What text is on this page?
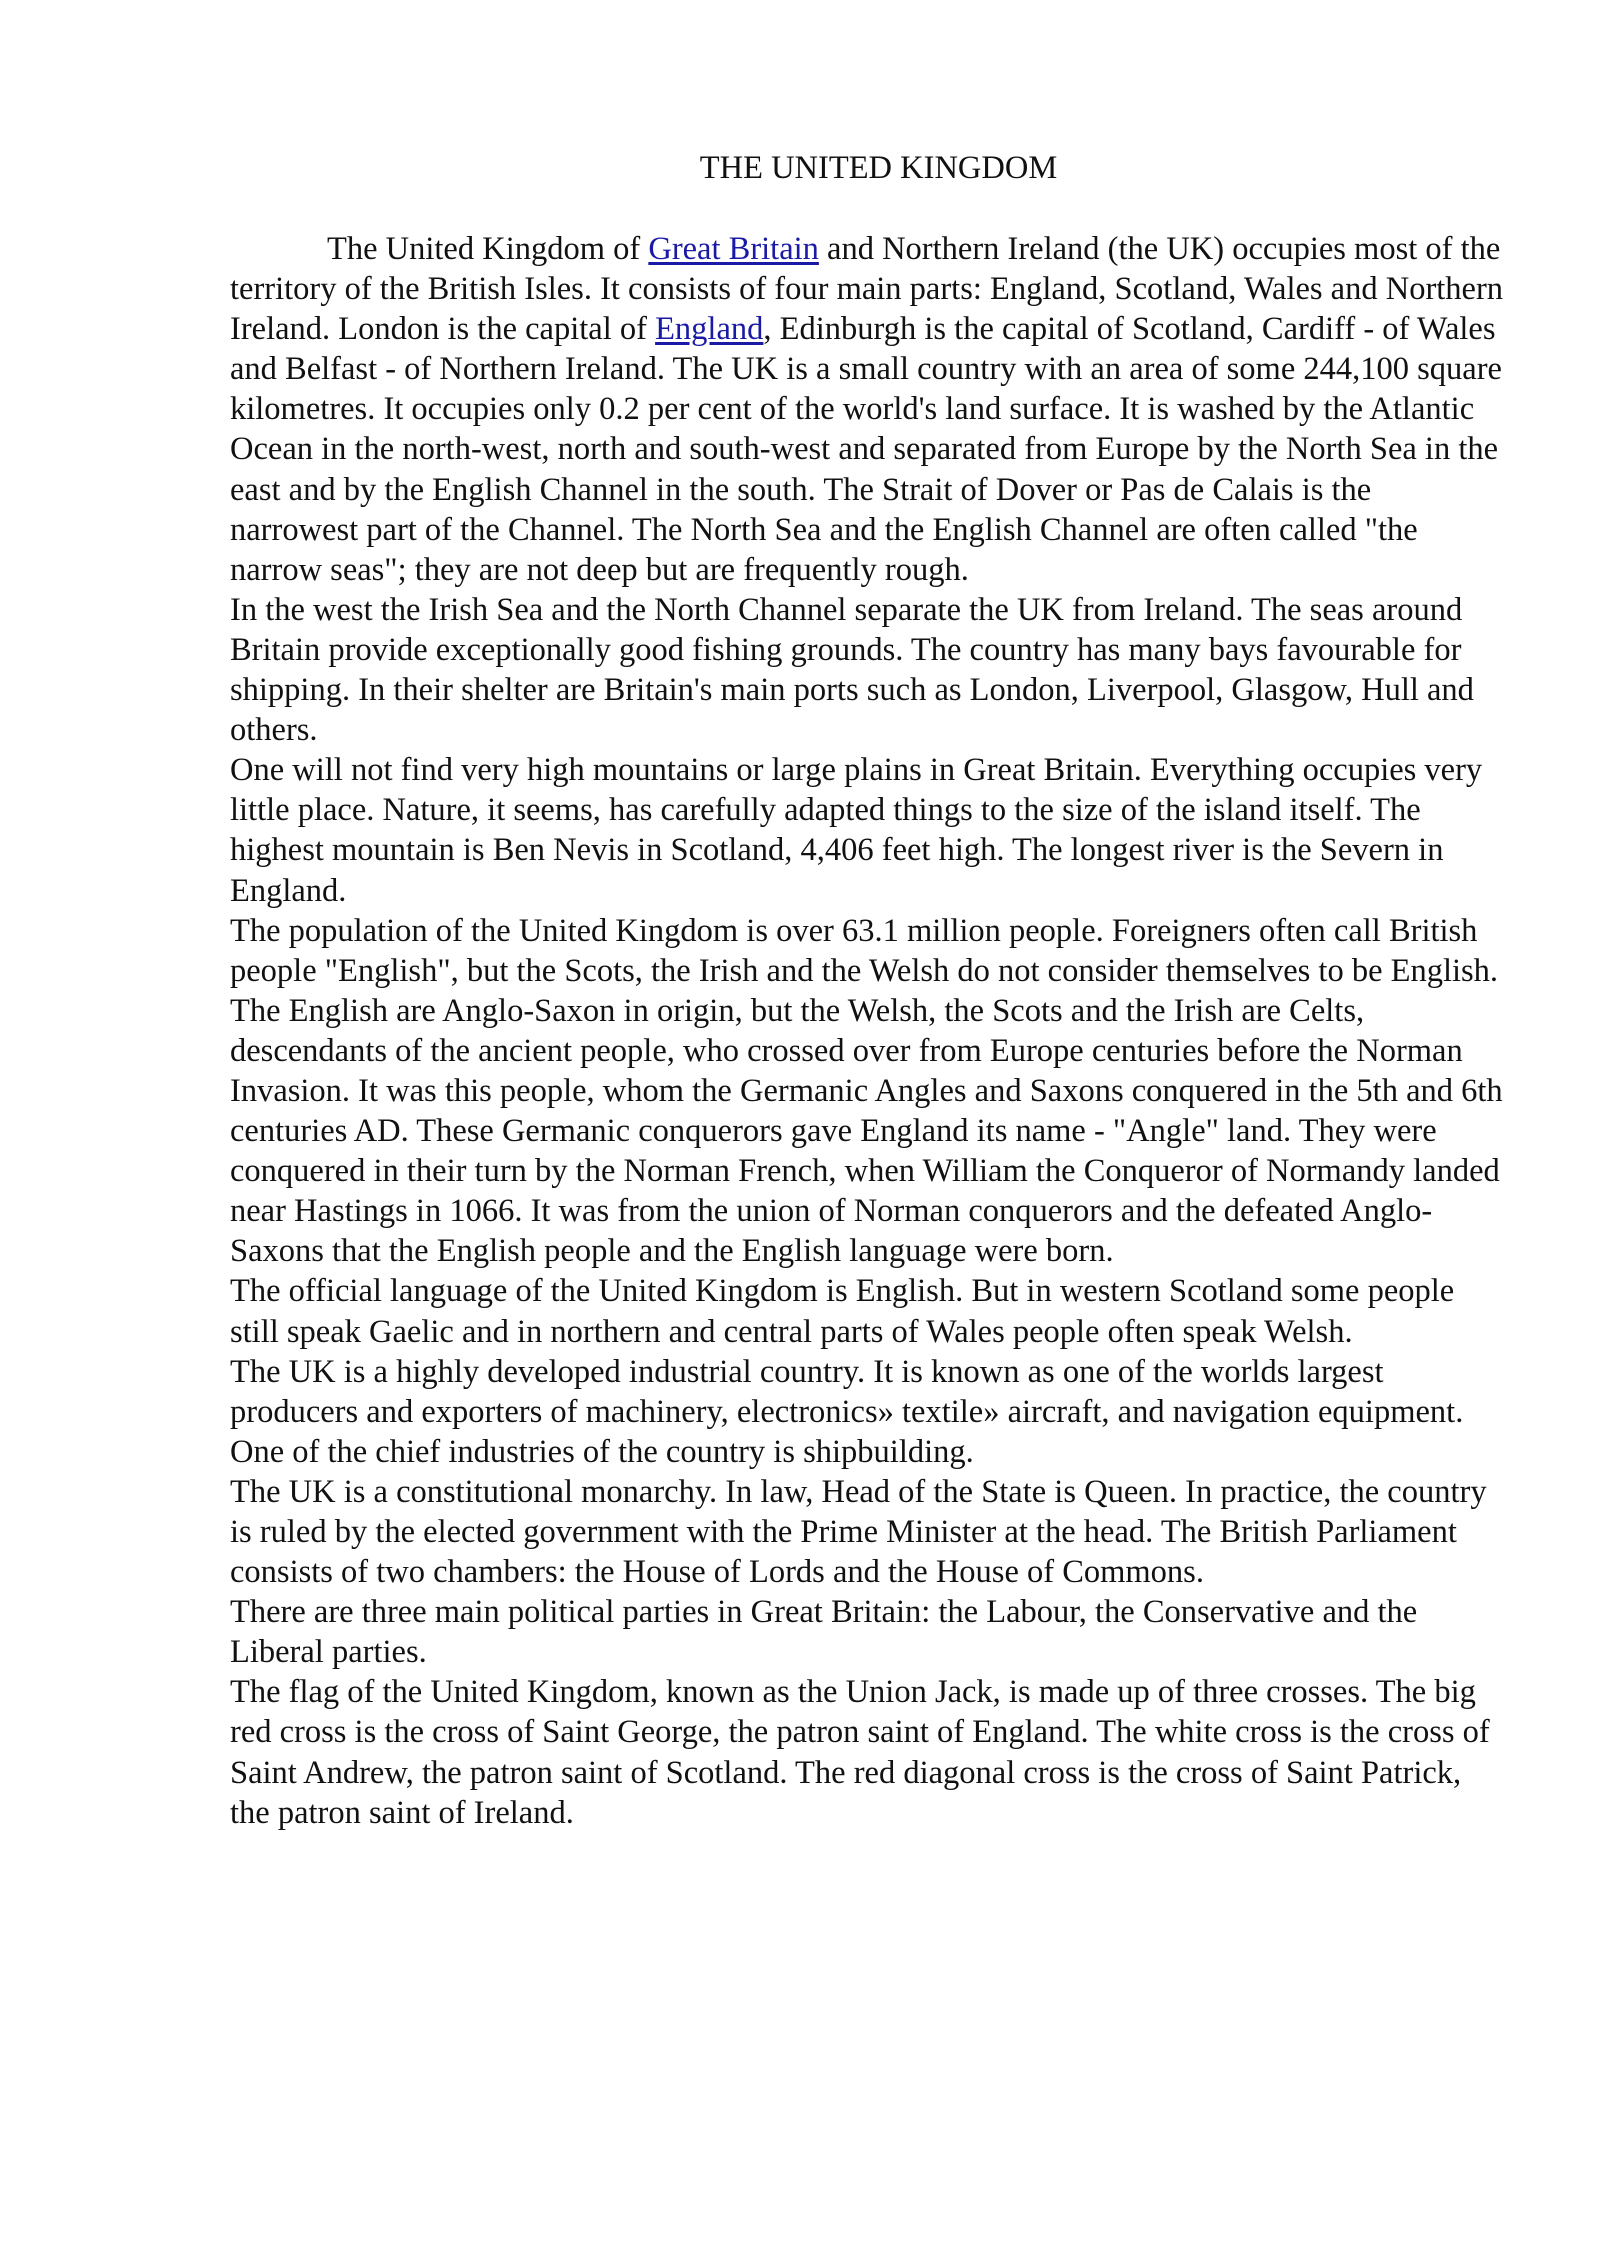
THE UNITED KINGDOM

The United Kingdom of Great Britain and Northern Ireland (the UK) occupies most of the territory of the British Isles. It consists of four main parts: England, Scotland, Wales and Northern Ireland. London is the capital of England, Edinburgh is the capital of Scotland, Cardiff - of Wales and Belfast - of Northern Ireland. The UK is a small country with an area of some 244,100 square kilometres. It occupies only 0.2 per cent of the world's land surface. It is washed by the Atlantic Ocean in the north-west, north and south-west and separated from Europe by the North Sea in the east and by the English Channel in the south. The Strait of Dover or Pas de Calais is the narrowest part of the Channel. The North Sea and the English Channel are often called "the narrow seas"; they are not deep but are frequently rough.

In the west the Irish Sea and the North Channel separate the UK from Ireland. The seas around Britain provide exceptionally good fishing grounds. The country has many bays favourable for shipping. In their shelter are Britain's main ports such as London, Liverpool, Glasgow, Hull and others.

One will not find very high mountains or large plains in Great Britain. Everything occupies very little place. Nature, it seems, has carefully adapted things to the size of the island itself. The highest mountain is Ben Nevis in Scotland, 4,406 feet high. The longest river is the Severn in England.

The population of the United Kingdom is over 63.1 million people. Foreigners often call British people "English", but the Scots, the Irish and the Welsh do not consider themselves to be English. The English are Anglo-Saxon in origin, but the Welsh, the Scots and the Irish are Celts, descendants of the ancient people, who crossed over from Europe centuries before the Norman Invasion. It was this people, whom the Germanic Angles and Saxons conquered in the 5th and 6th centuries AD. These Germanic conquerors gave England its name - "Angle" land. They were conquered in their turn by the Norman French, when William the Conqueror of Normandy landed near Hastings in 1066. It was from the union of Norman conquerors and the defeated Anglo-Saxons that the English people and the English language were born.

The official language of the United Kingdom is English. But in western Scotland some people still speak Gaelic and in northern and central parts of Wales people often speak Welsh.

The UK is a highly developed industrial country. It is known as one of the worlds largest producers and exporters of machinery, electronics» textile» aircraft, and navigation equipment. One of the chief industries of the country is shipbuilding.

The UK is a constitutional monarchy. In law, Head of the State is Queen. In practice, the country is ruled by the elected government with the Prime Minister at the head. The British Parliament consists of two chambers: the House of Lords and the House of Commons.

There are three main political parties in Great Britain: the Labour, the Conservative and the Liberal parties.

The flag of the United Kingdom, known as the Union Jack, is made up of three crosses. The big red cross is the cross of Saint George, the patron saint of England. The white cross is the cross of Saint Andrew, the patron saint of Scotland. The red diagonal cross is the cross of Saint Patrick, the patron saint of Ireland.
